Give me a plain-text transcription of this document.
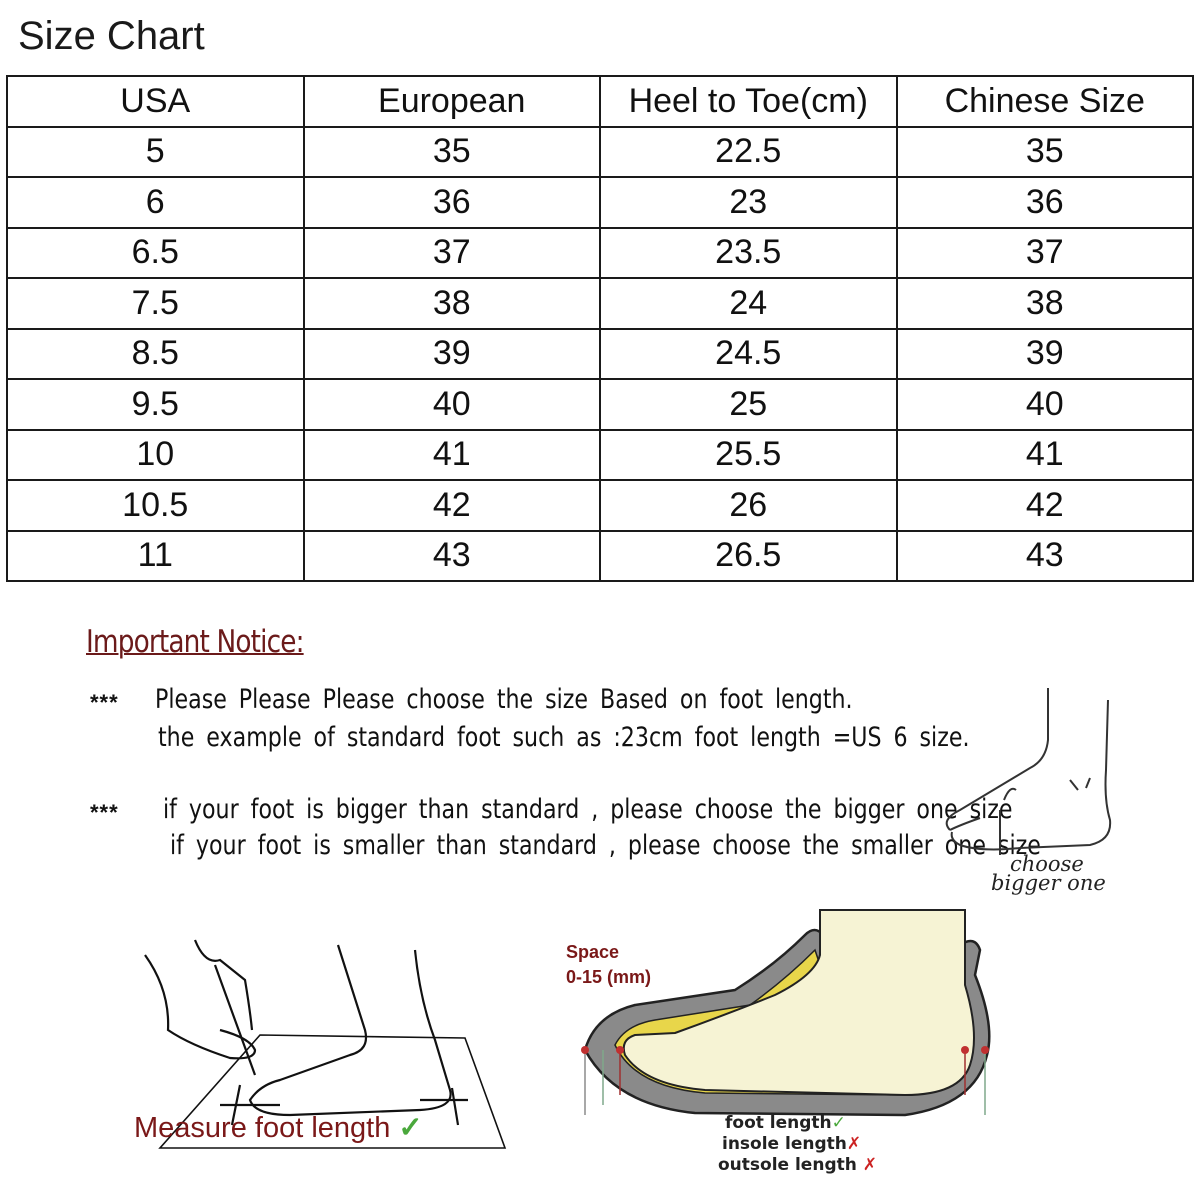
Size Chart
USA	European	Heel to Toe(cm)	Chinese Size
5	35	22.5	35
6	36	23	36
6.5	37	23.5	37
7.5	38	24	38
8.5	39	24.5	39
9.5	40	25	40
10	41	25.5	41
10.5	42	26	42
11	43	26.5	43
Important Notice:
*** Please Please Please choose the size Based on foot length.
the example of standard foot such as :23cm foot length =US 6 size.
*** if your foot is bigger than standard , please choose the bigger one size
if your foot is smaller than standard , please choose the smaller one size
choose
bigger one
Measure foot length ✓
Space
0-15 (mm)
foot length✓
insole length✗
outsole length ✗
